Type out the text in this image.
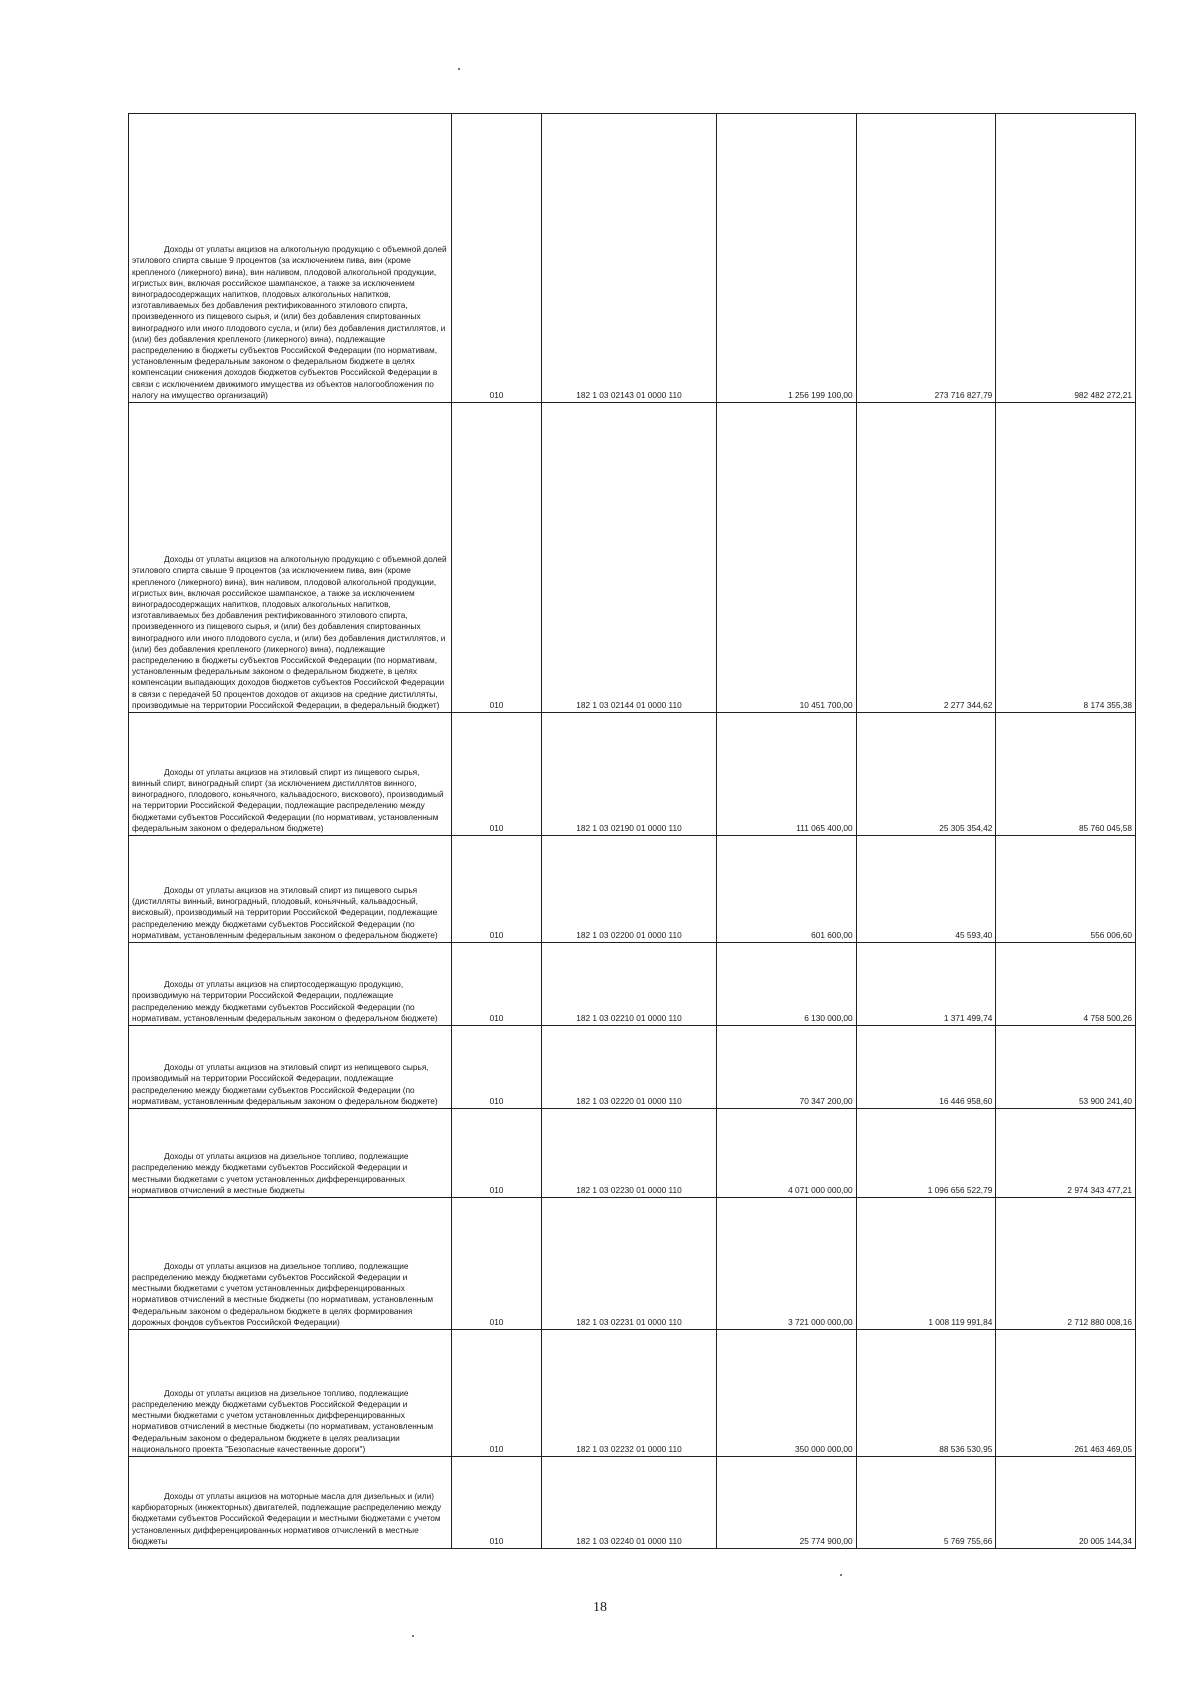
Доходы от уплаты акцизов на алкогольную продукцию с объемной долей этилового спирта свыше 9 процентов (за исключением пива, вин (кроме крепленого (ликерного) вина), вин наливом, плодовой алкогольной продукции, игристых вин, включая российское шампанское, а также за исключением виноградосодержащих напитков, плодовых алкогольных напитков, изготавливаемых без добавления ректификованного этилового спирта, произведенного из пищевого сырья, и (или) без добавления спиртованных виноградного или иного плодового сусла, и (или) без добавления дистиллятов, и (или) без добавления крепленого (ликерного) вина), подлежащие распределению в бюджеты субъектов Российской Федерации (по нормативам, установленным федеральным законом о федеральном бюджете в целях компенсации снижения доходов бюджетов субъектов Российской Федерации в связи с исключением движимого имущества из объектов налогообложения по налогу на имущество организаций)	010	182 1 03 02143 01 0000 110	1 256 199 100,00	273 716 827,79	982 482 272,21
Доходы от уплаты акцизов на алкогольную продукцию с объемной долей этилового спирта свыше 9 процентов (за исключением пива, вин (кроме крепленого (ликерного) вина), вин наливом, плодовой алкогольной продукции, игристых вин, включая российское шампанское, а также за исключением виноградосодержащих напитков, плодовых алкогольных напитков, изготавливаемых без добавления ректификованного этилового спирта, произведенного из пищевого сырья, и (или) без добавления спиртованных виноградного или иного плодового сусла, и (или) без добавления дистиллятов, и (или) без добавления крепленого (ликерного) вина), подлежащие распределению в бюджеты субъектов Российской Федерации (по нормативам, установленным федеральным законом о федеральном бюджете, в целях компенсации выпадающих доходов бюджетов субъектов Российской Федерации в связи с передачей 50 процентов доходов от акцизов на средние дистилляты, производимые на территории Российской Федерации, в федеральный бюджет)	010	182 1 03 02144 01 0000 110	10 451 700,00	2 277 344,62	8 174 355,38
Доходы от уплаты акцизов на этиловый спирт из пищевого сырья, винный спирт, виноградный спирт (за исключением дистиллятов винного, виноградного, плодового, коньячного, кальвадосного, вискового), производимый на территории Российской Федерации, подлежащие распределению между бюджетами субъектов Российской Федерации (по нормативам, установленным федеральным законом о федеральном бюджете)	010	182 1 03 02190 01 0000 110	111 065 400,00	25 305 354,42	85 760 045,58
Доходы от уплаты акцизов на этиловый спирт из пищевого сырья (дистилляты винный, виноградный, плодовый, коньячный, кальвадосный, висковый), производимый на территории Российской Федерации, подлежащие распределению между бюджетами субъектов Российской Федерации (по нормативам, установленным федеральным законом о федеральном бюджете)	010	182 1 03 02200 01 0000 110	601 600,00	45 593,40	556 006,60
Доходы от уплаты акцизов на спиртосодержащую продукцию, производимую на территории Российской Федерации, подлежащие распределению между бюджетами субъектов Российской Федерации (по нормативам, установленным федеральным законом о федеральном бюджете)	010	182 1 03 02210 01 0000 110	6 130 000,00	1 371 499,74	4 758 500,26
Доходы от уплаты акцизов на этиловый спирт из непищевого сырья, производимый на территории Российской Федерации, подлежащие распределению между бюджетами субъектов Российской Федерации (по нормативам, установленным федеральным законом о федеральном бюджете)	010	182 1 03 02220 01 0000 110	70 347 200,00	16 446 958,60	53 900 241,40
Доходы от уплаты акцизов на дизельное топливо, подлежащие распределению между бюджетами субъектов Российской Федерации и местными бюджетами с учетом установленных дифференцированных нормативов отчислений в местные бюджеты	010	182 1 03 02230 01 0000 110	4 071 000 000,00	1 096 656 522,79	2 974 343 477,21
Доходы от уплаты акцизов на дизельное топливо, подлежащие распределению между бюджетами субъектов Российской Федерации и местными бюджетами с учетом установленных дифференцированных нормативов отчислений в местные бюджеты (по нормативам, установленным Федеральным законом о федеральном бюджете в целях формирования дорожных фондов субъектов Российской Федерации)	010	182 1 03 02231 01 0000 110	3 721 000 000,00	1 008 119 991,84	2 712 880 008,16
Доходы от уплаты акцизов на дизельное топливо, подлежащие распределению между бюджетами субъектов Российской Федерации и местными бюджетами с учетом установленных дифференцированных нормативов отчислений в местные бюджеты (по нормативам, установленным Федеральным законом о федеральном бюджете в целях реализации национального проекта "Безопасные качественные дороги")	010	182 1 03 02232 01 0000 110	350 000 000,00	88 536 530,95	261 463 469,05
Доходы от уплаты акцизов на моторные масла для дизельных и (или) карбюраторных (инжекторных) двигателей, подлежащие распределению между бюджетами субъектов Российской Федерации и местными бюджетами с учетом установленных дифференцированных нормативов отчислений в местные бюджеты	010	182 1 03 02240 01 0000 110	25 774 900,00	5 769 755,66	20 005 144,34
18
